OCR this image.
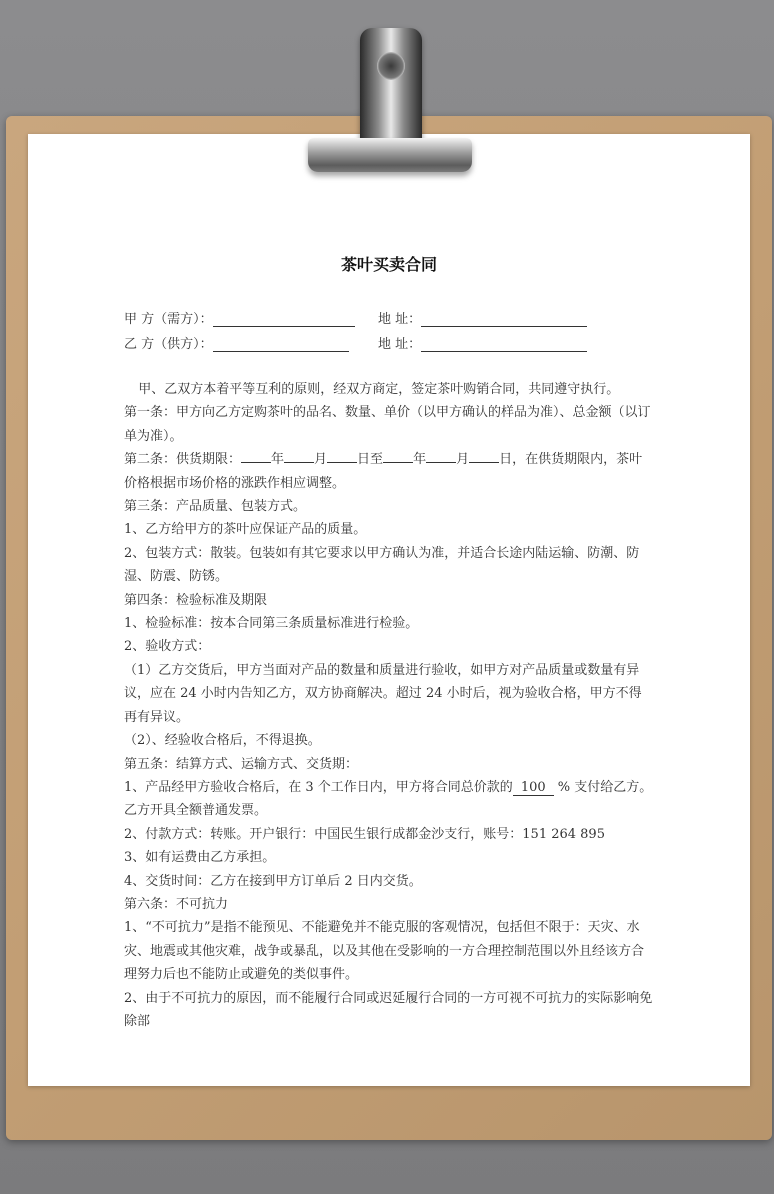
茶叶买卖合同
甲 方（需方）：	地 址：
乙 方（供方）：	地 址：

甲、乙双方本着平等互利的原则，经双方商定，签定茶叶购销合同，共同遵守执行。

第一条：甲方向乙方定购茶叶的品名、数量、单价（以甲方确认的样品为准）、总金额（以订单为准）。

第二条：供货期限： 年 月 日至 年 月 日，在供货期限内，茶叶价格根据市场价格的涨跌作相应调整。

第三条：产品质量、包装方式。

1、乙方给甲方的茶叶应保证产品的质量。

2、包装方式：散装。包装如有其它要求以甲方确认为准，并适合长途内陆运输、防潮、防湿、防震、防锈。

第四条：检验标准及期限

1、检验标准：按本合同第三条质量标准进行检验。

2、验收方式：

（1）乙方交货后，甲方当面对产品的数量和质量进行验收，如甲方对产品质量或数量有异议，应在 24 小时内告知乙方，双方协商解决。超过 24 小时后，视为验收合格，甲方不得再有异议。

（2）、经验收合格后，不得退换。

第五条：结算方式、运输方式、交货期：

1、产品经甲方验收合格后，在 3 个工作日内，甲方将合同总价款的 100 % 支付给乙方。乙方开具全额普通发票。

2、付款方式：转账。开户银行：中国民生银行成都金沙支行，账号：151 264 895

3、如有运费由乙方承担。

4、交货时间：乙方在接到甲方订单后 2 日内交货。

第六条：不可抗力

1、“不可抗力”是指不能预见、不能避免并不能克服的客观情况，包括但不限于：天灾、水灾、地震或其他灾难，战争或暴乱，以及其他在受影响的一方合理控制范围以外且经该方合理努力后也不能防止或避免的类似事件。

2、由于不可抗力的原因，而不能履行合同或迟延履行合同的一方可视不可抗力的实际影响免除部
